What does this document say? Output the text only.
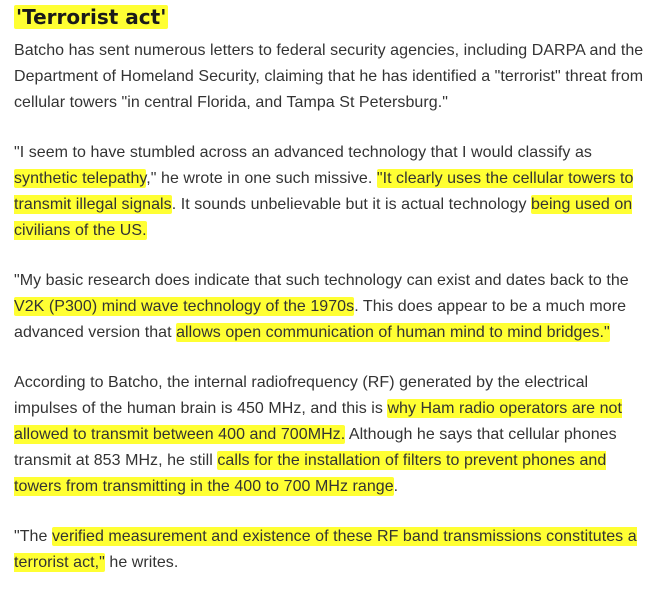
'Terrorist act'

Batcho has sent numerous letters to federal security agencies, including DARPA and the Department of Homeland Security, claiming that he has identified a "terrorist" threat from cellular towers "in central Florida, and Tampa St Petersburg."

"I seem to have stumbled across an advanced technology that I would classify as synthetic telepathy," he wrote in one such missive. "It clearly uses the cellular towers to transmit illegal signals. It sounds unbelievable but it is actual technology being used on civilians of the US.

"My basic research does indicate that such technology can exist and dates back to the V2K (P300) mind wave technology of the 1970s. This does appear to be a much more advanced version that allows open communication of human mind to mind bridges."

According to Batcho, the internal radiofrequency (RF) generated by the electrical impulses of the human brain is 450 MHz, and this is why Ham radio operators are not allowed to transmit between 400 and 700MHz. Although he says that cellular phones transmit at 853 MHz, he still calls for the installation of filters to prevent phones and towers from transmitting in the 400 to 700 MHz range.

"The verified measurement and existence of these RF band transmissions constitutes a terrorist act," he writes.
